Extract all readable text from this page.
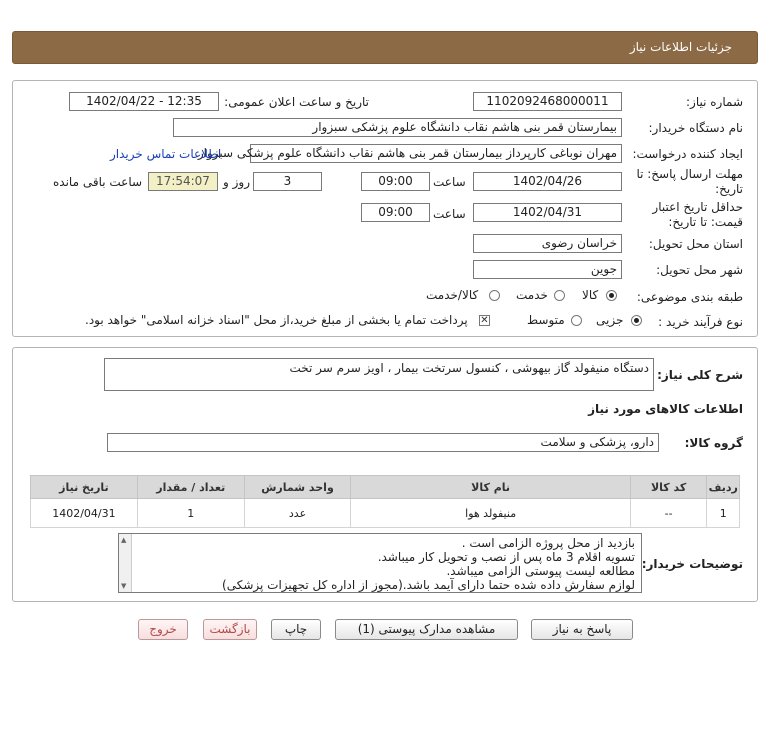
جزئیات اطلاعات نیاز
شماره نیاز:
1102092468000011
تاریخ و ساعت اعلان عمومی:
1402/04/22 - 12:35
نام دستگاه خریدار:
بیمارستان قمر بنی هاشم نقاب دانشگاه علوم پزشکی سبزوار
ایجاد کننده درخواست:
مهران نوباغی کارپرداز بیمارستان قمر بنی هاشم نقاب دانشگاه علوم پزشکی سبزوار
اطلاعات تماس خریدار
مهلت ارسال پاسخ: تا
تاریخ:
1402/04/26
ساعت
09:00
3
روز و
17:54:07
ساعت باقی مانده
حداقل تاریخ اعتبار
قیمت: تا تاریخ:
1402/04/31
ساعت
09:00
استان محل تحویل:
خراسان رضوی
شهر محل تحویل:
جوین
طبقه بندی موضوعی:
کالا
خدمت
کالا/خدمت
نوع فرآیند خرید :
جزیی
متوسط
✕
پرداخت تمام یا بخشی از مبلغ خرید،از محل "اسناد خزانه اسلامی" خواهد بود.
شرح کلی نیاز:
دستگاه منیفولد گاز بیهوشی ، کنسول سرتخت بیمار ، اویز سرم سر تخت
اطلاعات کالاهای مورد نیاز
گروه کالا:
دارو، پزشکی و سلامت
ردیف	کد کالا	نام کالا	واحد شمارش	تعداد / مقدار	تاریخ نیاز
1	--	منیفولد هوا	عدد	1	1402/04/31
توضیحات خریدار:
بازدید از محل پروژه الزامی است .
تسویه اقلام 3 ماه پس از نصب و تحویل کار میباشد.
مطالعه لیست پیوستی الزامی میباشد.
لوازم سفارش داده شده حتما دارای آیمد باشد.(مجوز از اداره کل تجهیزات پزشکی)
▲
▼
پاسخ به نیاز
مشاهده مدارک پیوستی (1)
چاپ
بازگشت
خروج
